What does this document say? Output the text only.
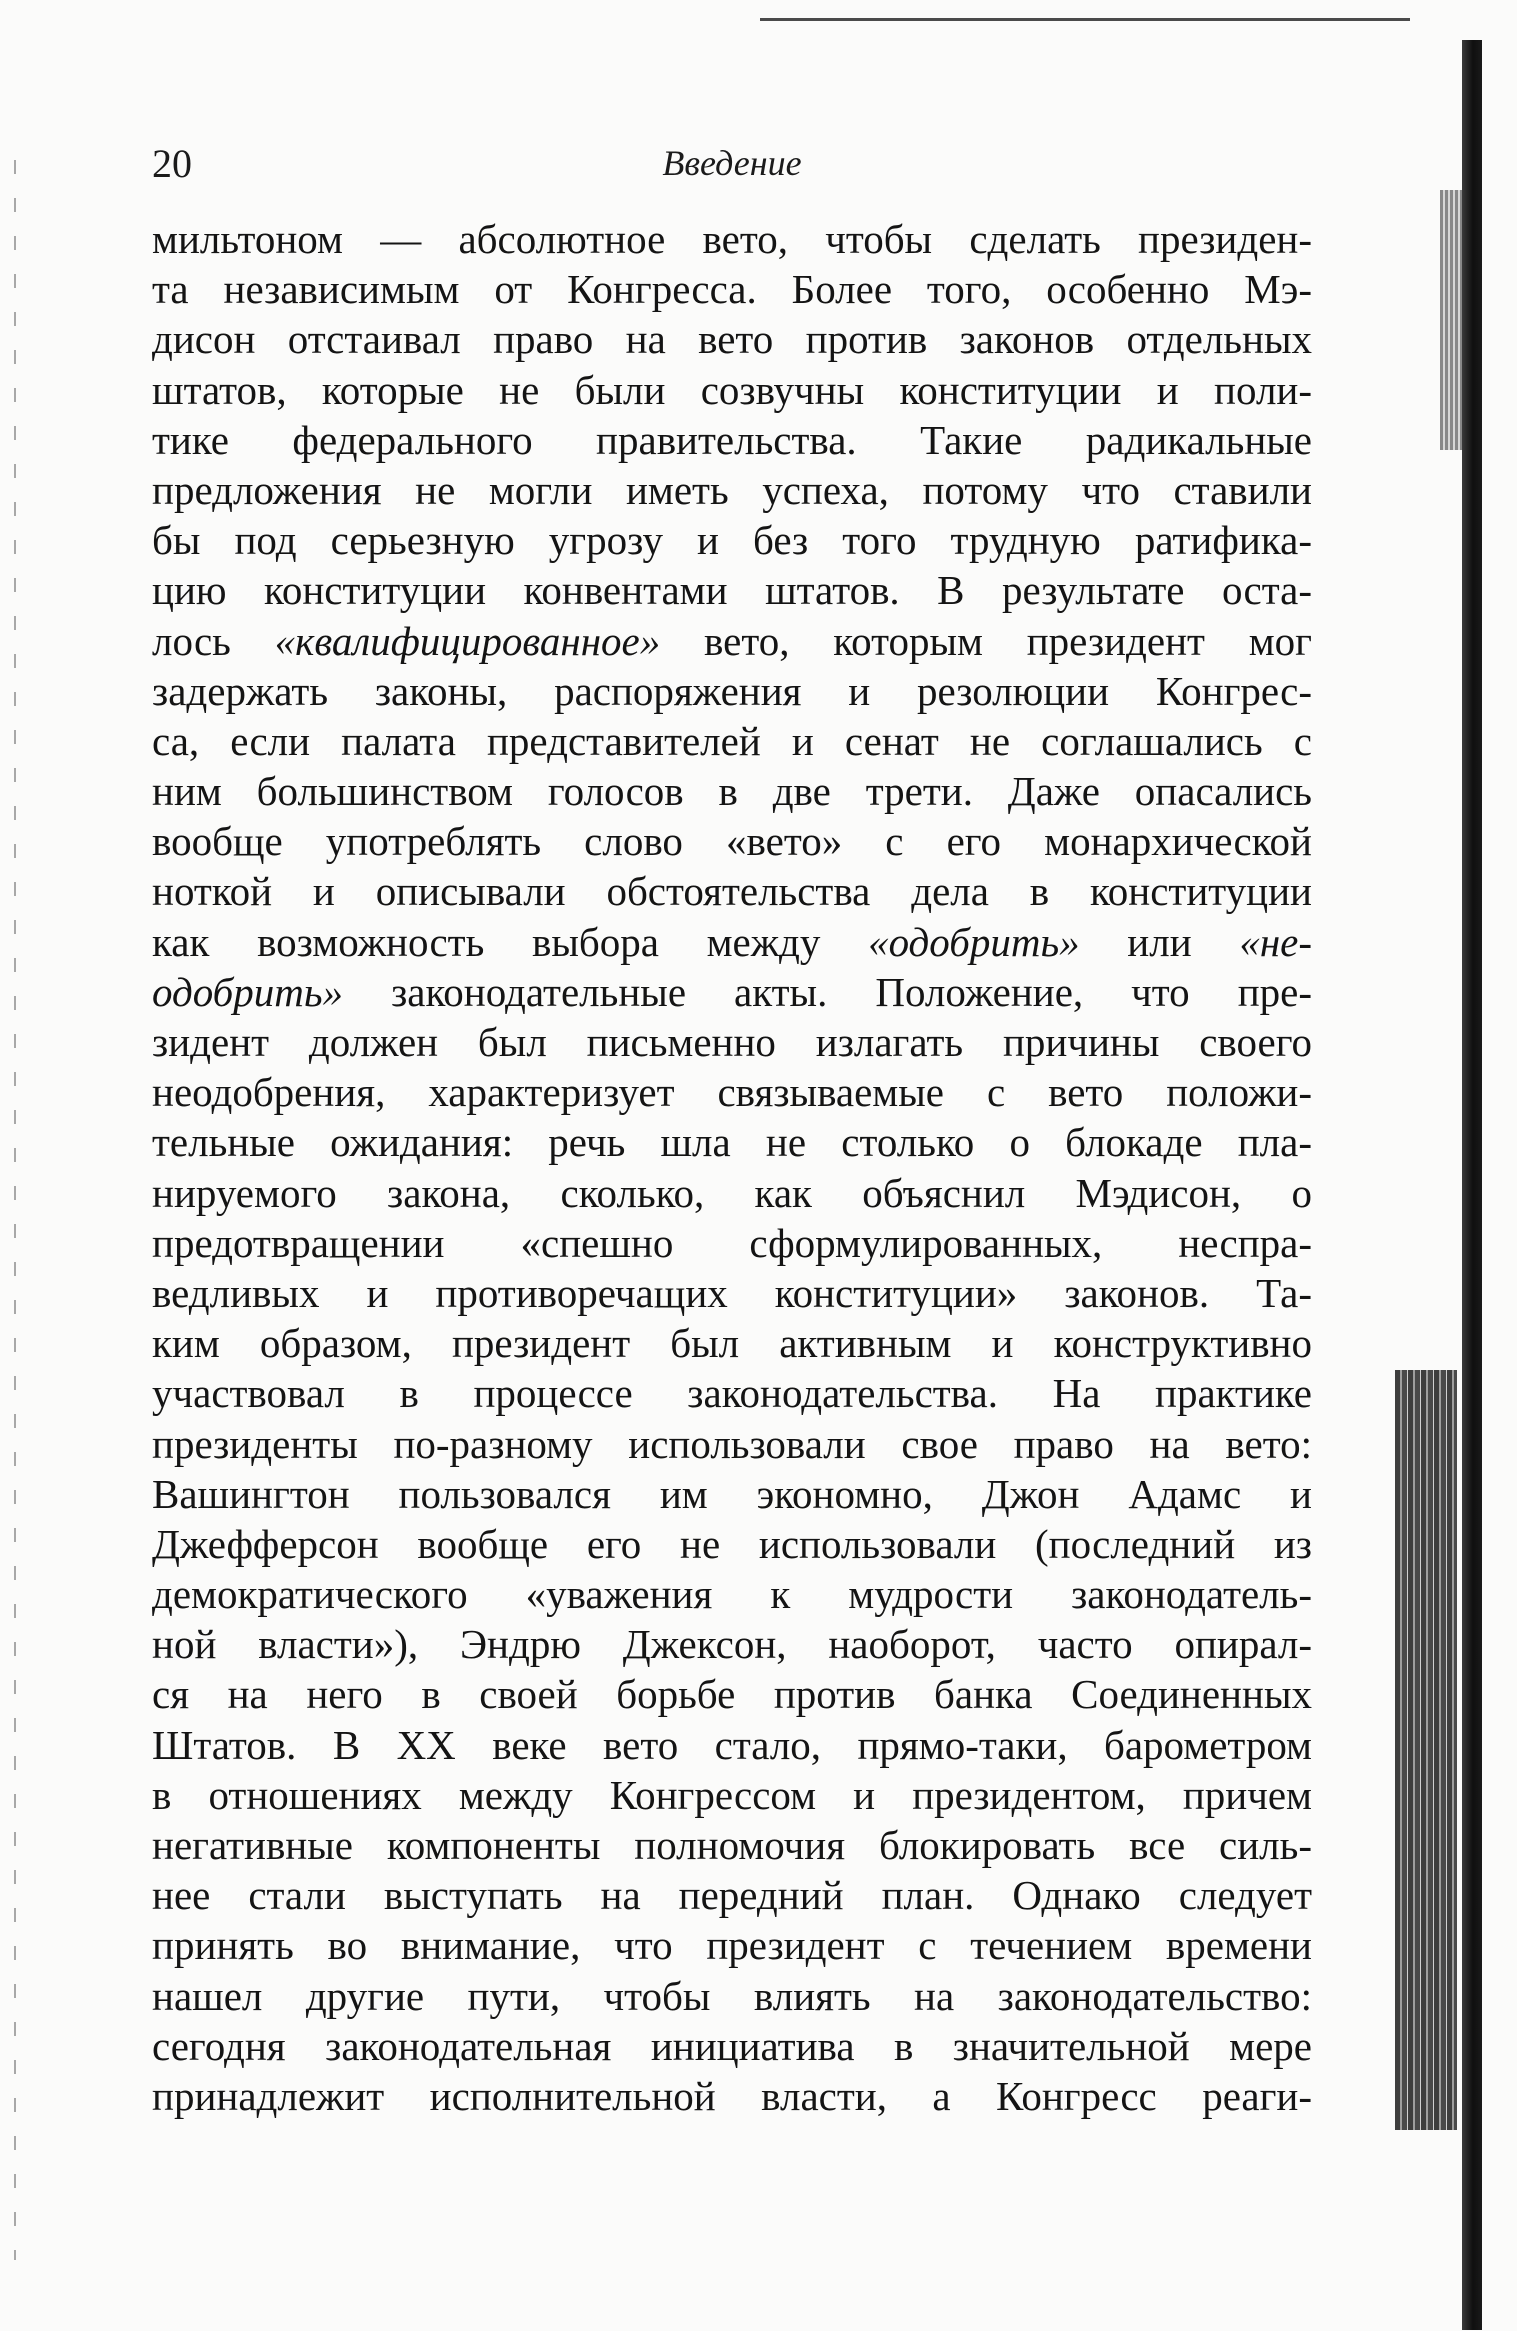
20	Введение
мильтоном — абсолютное вето, чтобы сделать президен-
та независимым от Конгресса. Более того, особенно Мэ-
дисон отстаивал право на вето против законов отдельных
штатов, которые не были созвучны конституции и поли-
тике федерального правительства. Такие радикальные
предложения не могли иметь успеха, потому что ставили
бы под серьезную угрозу и без того трудную ратифика-
цию конституции конвентами штатов. В результате оста-
лось «квалифицированное» вето, которым президент мог
задержать законы, распоряжения и резолюции Конгрес-
са, если палата представителей и сенат не соглашались с
ним большинством голосов в две трети. Даже опасались
вообще употреблять слово «вето» с его монархической
ноткой и описывали обстоятельства дела в конституции
как возможность выбора между «одобрить» или «не-
одобрить» законодательные акты. Положение, что пре-
зидент должен был письменно излагать причины своего
неодобрения, характеризует связываемые с вето положи-
тельные ожидания: речь шла не столько о блокаде пла-
нируемого закона, сколько, как объяснил Мэдисон, о
предотвращении «спешно сформулированных, неспра-
ведливых и противоречащих конституции» законов. Та-
ким образом, президент был активным и конструктивно
участвовал в процессе законодательства. На практике
президенты по-разному использовали свое право на вето:
Вашингтон пользовался им экономно, Джон Адамс и
Джефферсон вообще его не использовали (последний из
демократического «уважения к мудрости законодатель-
ной власти»), Эндрю Джексон, наоборот, часто опирал-
ся на него в своей борьбе против банка Соединенных
Штатов. В XX веке вето стало, прямо-таки, барометром
в отношениях между Конгрессом и президентом, причем
негативные компоненты полномочия блокировать все силь-
нее стали выступать на передний план. Однако следует
принять во внимание, что президент с течением времени
нашел другие пути, чтобы влиять на законодательство:
сегодня законодательная инициатива в значительной мере
принадлежит исполнительной власти, а Конгресс реаги-
